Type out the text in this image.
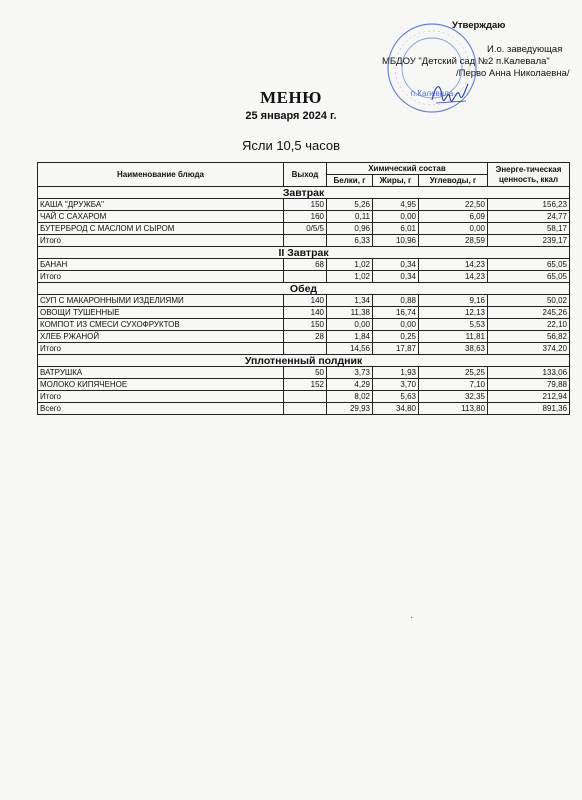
Утверждаю
И.о. заведующая
МБДОУ "Детский сад №2 п.Калевала"
/Перво Анна Николаевна/
п.Калевала
МЕНЮ
25 января 2024 г.
Ясли 10,5 часов
Наименование блюда	Выход	Химический состав			Энерге-тическая ценность, ккал
		Белки, г	Жиры, г	Углеводы, г	
Завтрак					
КАША "ДРУЖБА"	150	5,26	4,95	22,50	156,23
ЧАЙ С САХАРОМ	160	0,11	0,00	6,09	24,77
БУТЕРБРОД С МАСЛОМ И СЫРОМ	0/5/5	0,96	6,01	0,00	58,17
Итого		6,33	10,96	28,59	239,17
II Завтрак					
БАНАН	68	1,02	0,34	14,23	65,05
Итого		1,02	0,34	14,23	65,05
Обед					
СУП С МАКАРОННЫМИ ИЗДЕЛИЯМИ	140	1,34	0,88	9,16	50,02
ОВОЩИ ТУШЕННЫЕ	140	11,38	16,74	12,13	245,26
КОМПОТ ИЗ СМЕСИ СУХОФРУКТОВ	150	0,00	0,00	5,53	22,10
ХЛЕБ РЖАНОЙ	28	1,84	0,25	11,81	56,82
Итого		14,56	17,87	38,63	374,20
Уплотненный полдник					
ВАТРУШКА	50	3,73	1,93	25,25	133,06
МОЛОКО КИПЯЧЕНОЕ	152	4,29	3,70	7,10	79,88
Итого		8,02	5,63	32,35	212,94
Всего		29,93	34,80	113,80	891,36
·
